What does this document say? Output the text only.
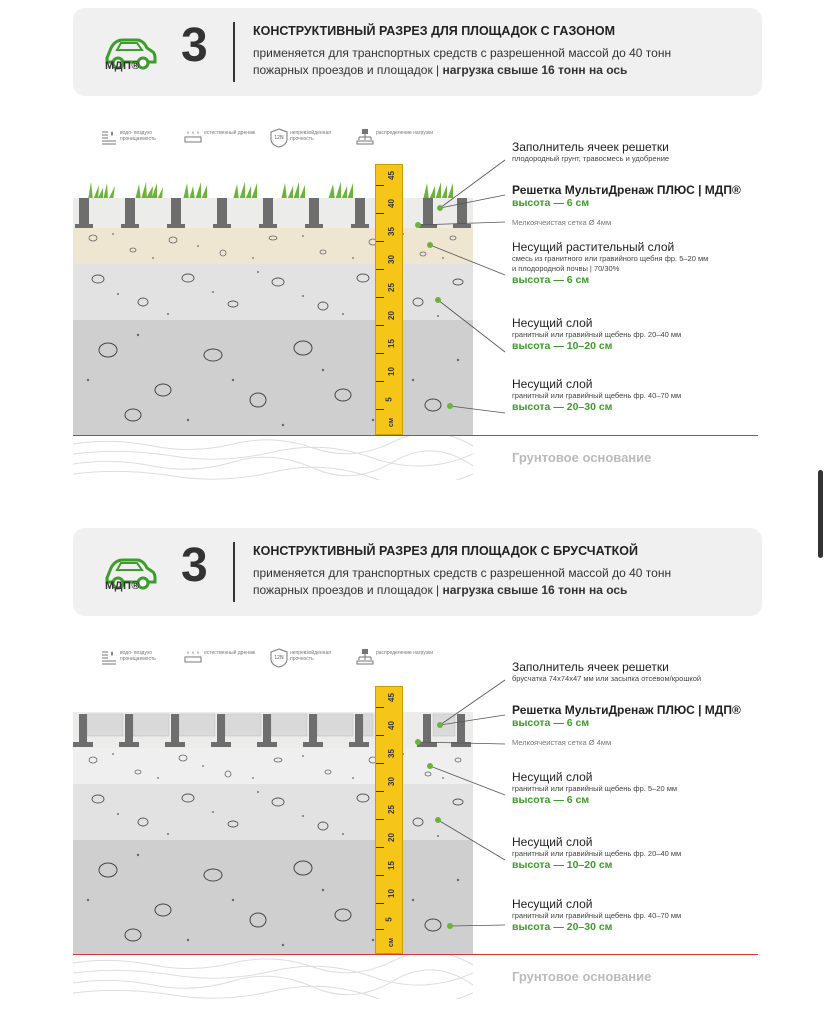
МДП® 3	КОНСТРУКТИВНЫЙ РАЗРЕЗ ДЛЯ ПЛОЩАДОК С ГАЗОНОМ
применяется для транспортных средств с разрешенной массой до 40 тонн
пожарных проездов и площадок | нагрузка свыше 16 тонн на ось
водо- воздухо проницаемость
естественный дренаж
12N
непревзойденная прочность
распределение нагрузки
45
40
35
30
25
20
15
10
5
см
Заполнитель ячеек решетки
плодородный грунт, травосмесь и удобрение
Решетка МультиДренаж ПЛЮС | МДП®
высота — 6 см
Мелкоячеистая сетка Ø 4мм
Несущий растительный слой
смесь из гранитного или гравийного щебня фр. 5–20 мм
и плодородной почвы | 70/30%
высота — 6 см
Несущий слой
гранитный или гравийный щебень фр. 20–40 мм
высота — 10–20 см
Несущий слой
гранитный или гравийный щебень фр. 40–70 мм
высота — 20–30 см
Грунтовое основание
МДП® 3	КОНСТРУКТИВНЫЙ РАЗРЕЗ ДЛЯ ПЛОЩАДОК С БРУСЧАТКОЙ
применяется для транспортных средств с разрешенной массой до 40 тонн
пожарных проездов и площадок | нагрузка свыше 16 тонн на ось
водо- воздухо проницаемость
естественный дренаж
12N
непревзойденная прочность
распределение нагрузки
45
40
35
30
25
20
15
10
5
см
Заполнитель ячеек решетки
брусчатка 74х74х47 мм или засыпка отсевом/крошкой
Решетка МультиДренаж ПЛЮС | МДП®
высота — 6 см
Мелкоячеистая сетка Ø 4мм
Несущий слой
гранитный или гравийный щебень фр. 5–20 мм
высота — 6 см
Несущий слой
гранитный или гравийный щебень фр. 20–40 мм
высота — 10–20 см
Несущий слой
гранитный или гравийный щебень фр. 40–70 мм
высота — 20–30 см
Грунтовое основание
